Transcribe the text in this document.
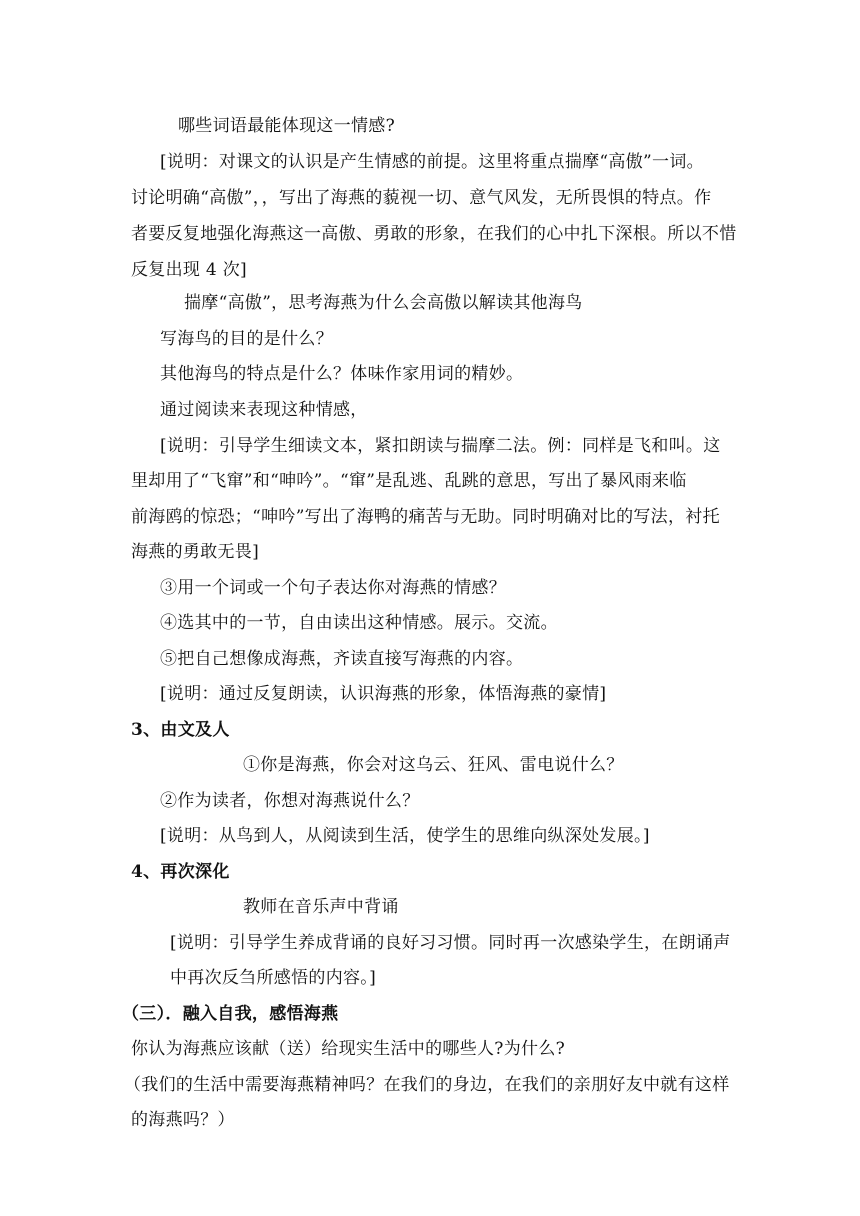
哪些词语最能体现这一情感?
[说明：对课文的认识是产生情感的前提。这里将重点揣摩“高傲”一词。
讨论明确“高傲”，，写出了海燕的藐视一切、意气风发，无所畏惧的特点。作
者要反复地强化海燕这一高傲、勇敢的形象，在我们的心中扎下深根。所以不惜
反复出现 4 次]
揣摩“高傲”，思考海燕为什么会高傲以解读其他海鸟
写海鸟的目的是什么？
其他海鸟的特点是什么？体味作家用词的精妙。
通过阅读来表现这种情感，
[说明：引导学生细读文本，紧扣朗读与揣摩二法。例：同样是飞和叫。这
里却用了“飞窜”和“呻吟”。“窜”是乱逃、乱跳的意思，写出了暴风雨来临
前海鸥的惊恐；“呻吟”写出了海鸭的痛苦与无助。同时明确对比的写法，衬托
海燕的勇敢无畏]
③用一个词或一个句子表达你对海燕的情感？
④选其中的一节，自由读出这种情感。展示。交流。
⑤把自己想像成海燕，齐读直接写海燕的内容。
[说明：通过反复朗读，认识海燕的形象，体悟海燕的豪情]
3、由文及人
①你是海燕，你会对这乌云、狂风、雷电说什么？
②作为读者，你想对海燕说什么？
[说明：从鸟到人，从阅读到生活，使学生的思维向纵深处发展。]
4、再次深化
教师在音乐声中背诵
[说明：引导学生养成背诵的良好习习惯。同时再一次感染学生，在朗诵声
中再次反刍所感悟的内容。]
（三）．融入自我，感悟海燕
你认为海燕应该献（送）给现实生活中的哪些人?为什么?
（我们的生活中需要海燕精神吗？在我们的身边，在我们的亲朋好友中就有这样
的海燕吗？）
